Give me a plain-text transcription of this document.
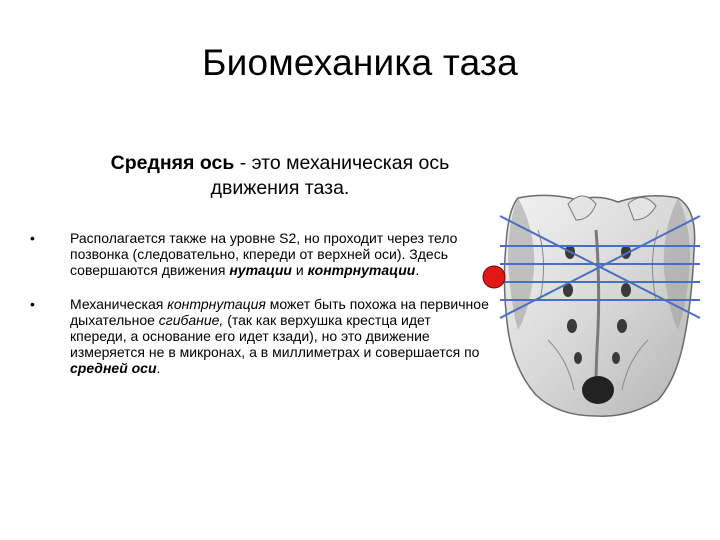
Биомеханика таза
Средняя ось - это механическая ось
движения таза.
•	Располагается также на уровне S2, но проходит через тело позвонка (следовательно, кпереди от верхней оси). Здесь совершаются движения нутации и контрнутации.
•	Механическая контрнутация может быть похожа на первичное дыхательное сгибание, (так как верхушка крестца идет кпереди, а основание его идет кзади), но это движение измеряется не в микронах, а в миллиметрах и совершается по средней оси.
